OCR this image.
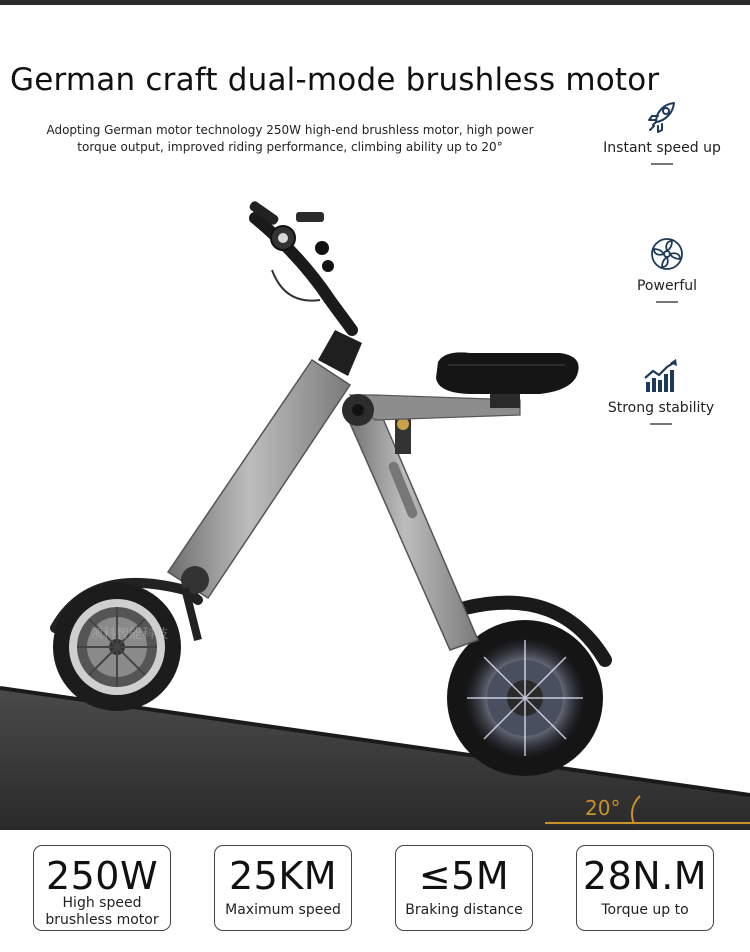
German craft dual-mode brushless motor
Adopting German motor technology 250W high-end brushless motor, high power torque output, improved riding performance, climbing ability up to 20°	Instant speed up
Powerful
Strong stability
领科智能科技
20°
250W
High speed brushless motor
25KM
Maximum speed
≤5M
Braking distance
28N.M
Torque up to
